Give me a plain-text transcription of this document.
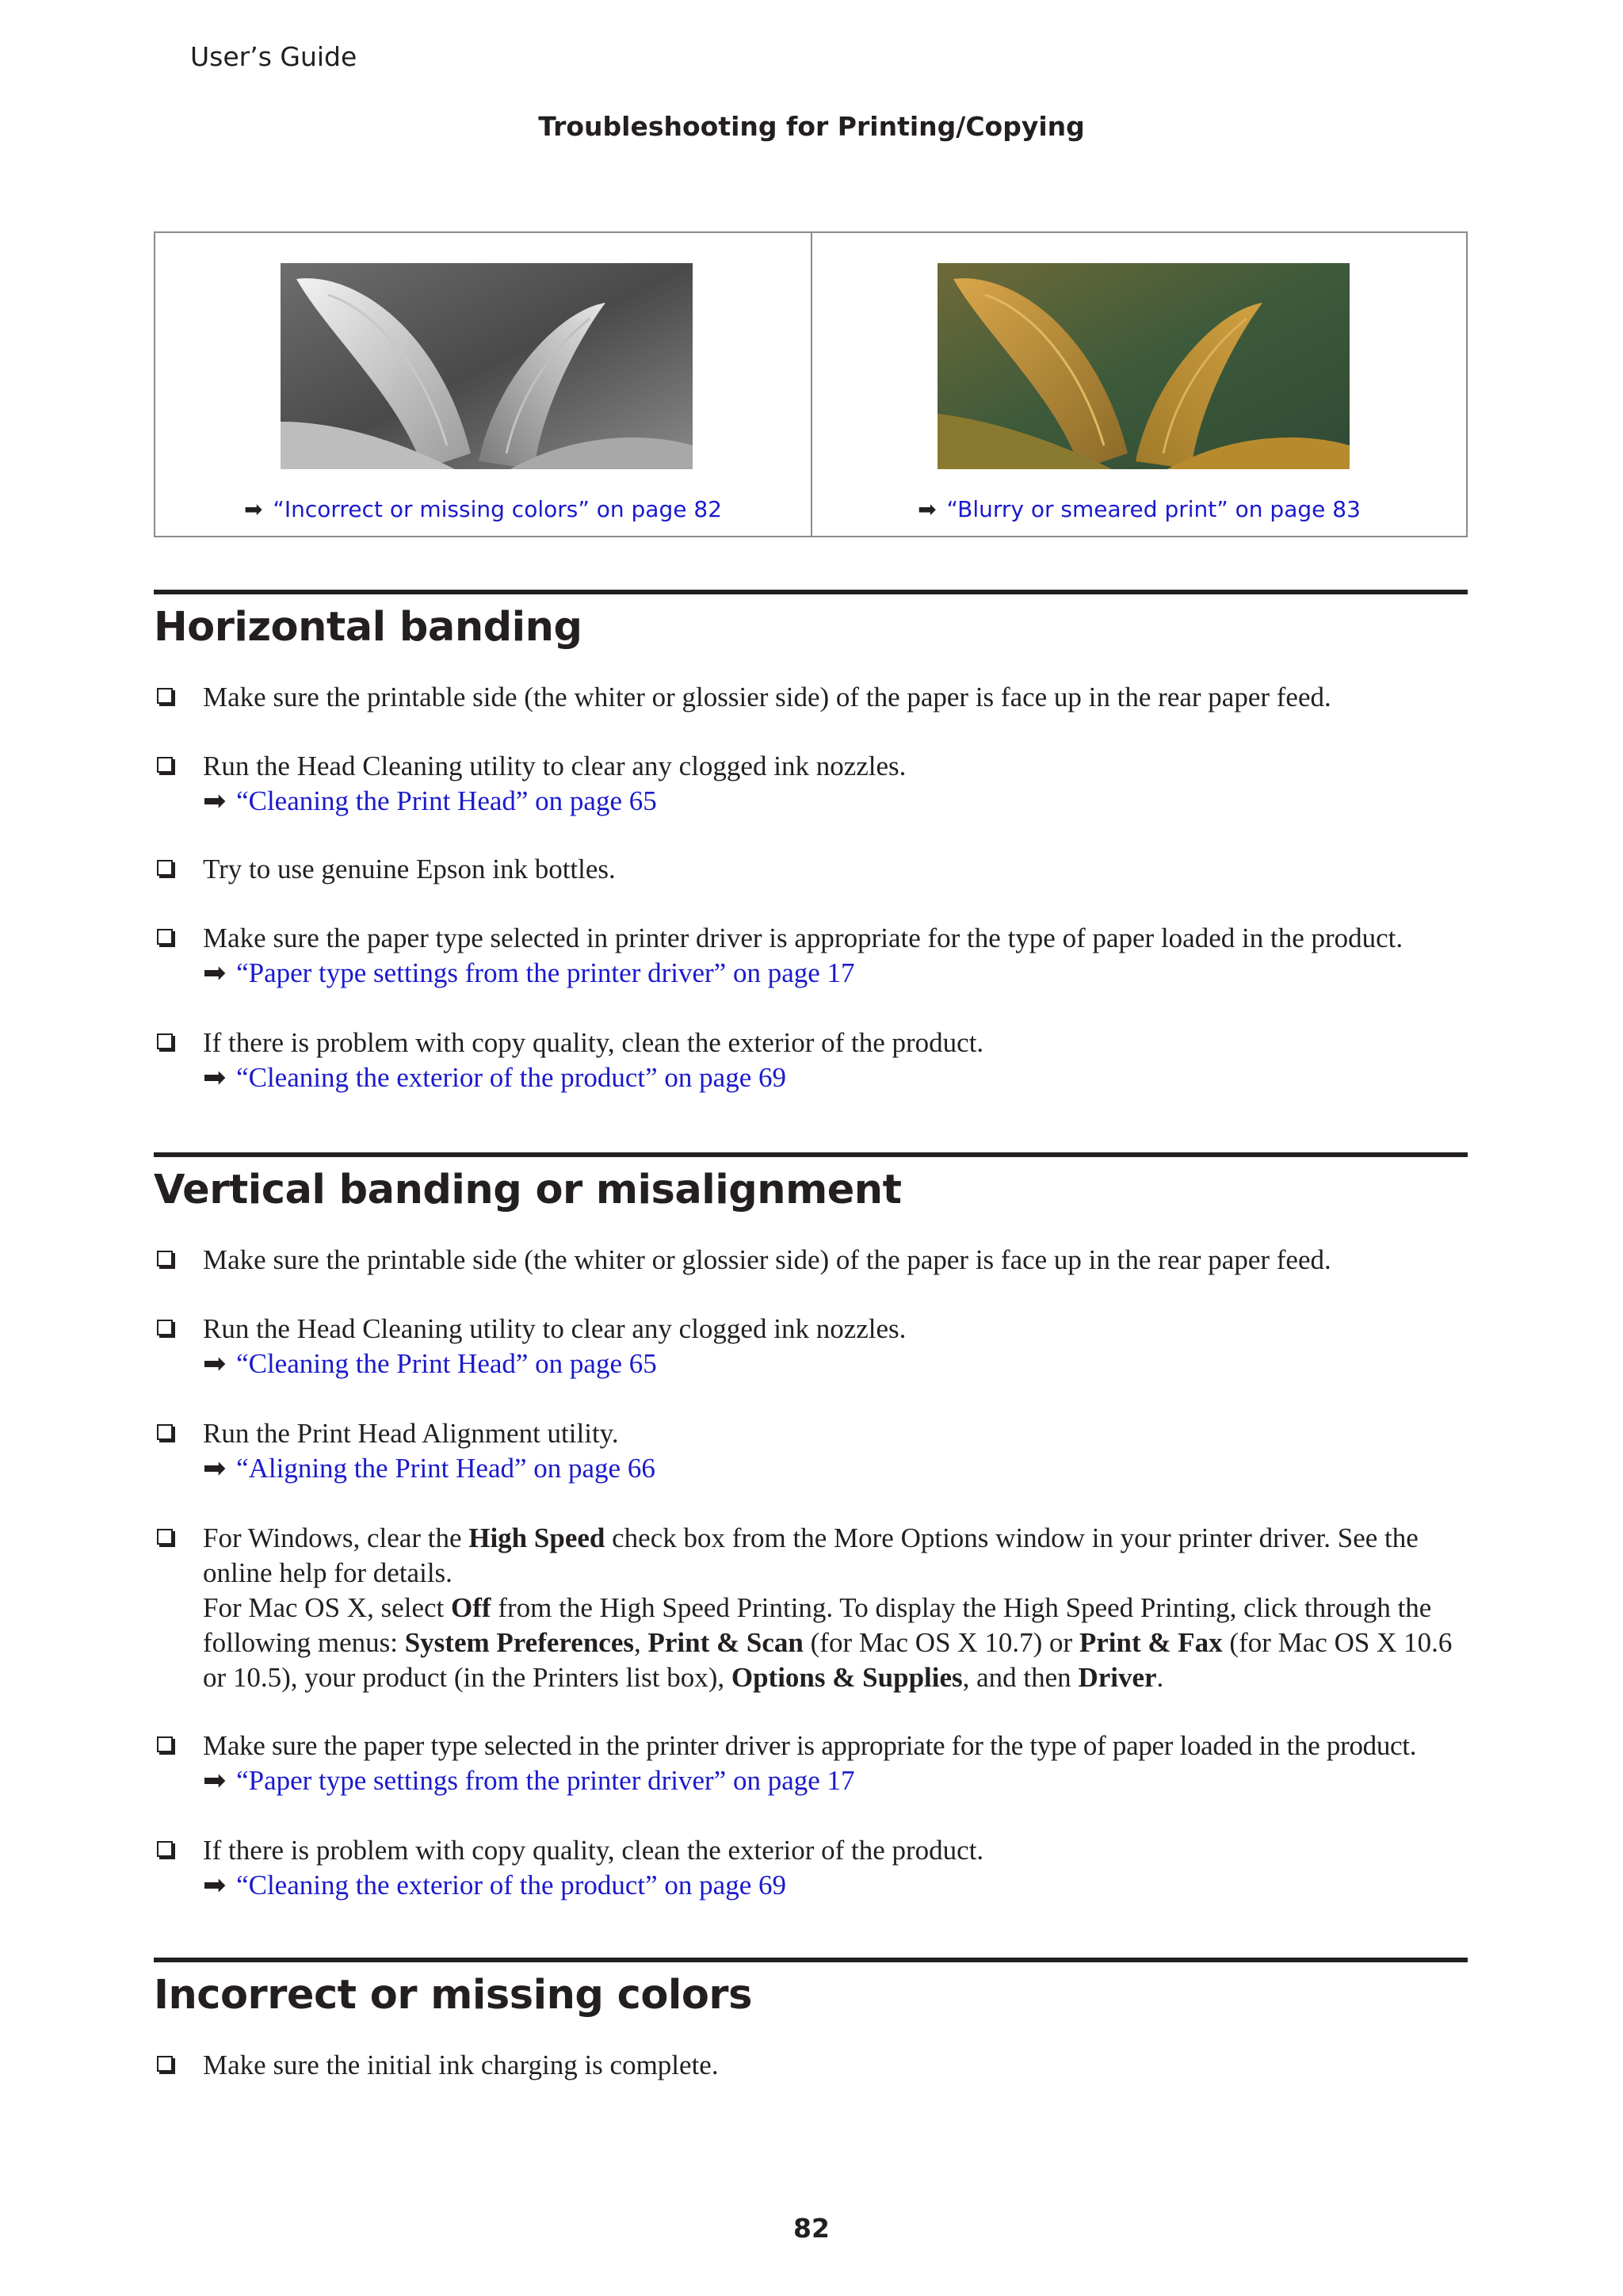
User’s Guide
Troubleshooting for Printing/Copying
➡ “Incorrect or missing colors” on page 82	➡ “Blurry or smeared print” on page 83
Horizontal banding
Make sure the printable side (the whiter or glossier side) of the paper is face up in the rear paper feed.
Run the Head Cleaning utility to clear any clogged ink nozzles.
➡ “Cleaning the Print Head” on page 65
Try to use genuine Epson ink bottles.
Make sure the paper type selected in printer driver is appropriate for the type of paper loaded in the product.
➡ “Paper type settings from the printer driver” on page 17
If there is problem with copy quality, clean the exterior of the product.
➡ “Cleaning the exterior of the product” on page 69
Vertical banding or misalignment
Make sure the printable side (the whiter or glossier side) of the paper is face up in the rear paper feed.
Run the Head Cleaning utility to clear any clogged ink nozzles.
➡ “Cleaning the Print Head” on page 65
Run the Print Head Alignment utility.
➡ “Aligning the Print Head” on page 66
For Windows, clear the High Speed check box from the More Options window in your printer driver. See the online help for details.
For Mac OS X, select Off from the High Speed Printing. To display the High Speed Printing, click through the following menus: System Preferences, Print & Scan (for Mac OS X 10.7) or Print & Fax (for Mac OS X 10.6 or 10.5), your product (in the Printers list box), Options & Supplies, and then Driver.
Make sure the paper type selected in the printer driver is appropriate for the type of paper loaded in the product.
➡ “Paper type settings from the printer driver” on page 17
If there is problem with copy quality, clean the exterior of the product.
➡ “Cleaning the exterior of the product” on page 69
Incorrect or missing colors
Make sure the initial ink charging is complete.
82
